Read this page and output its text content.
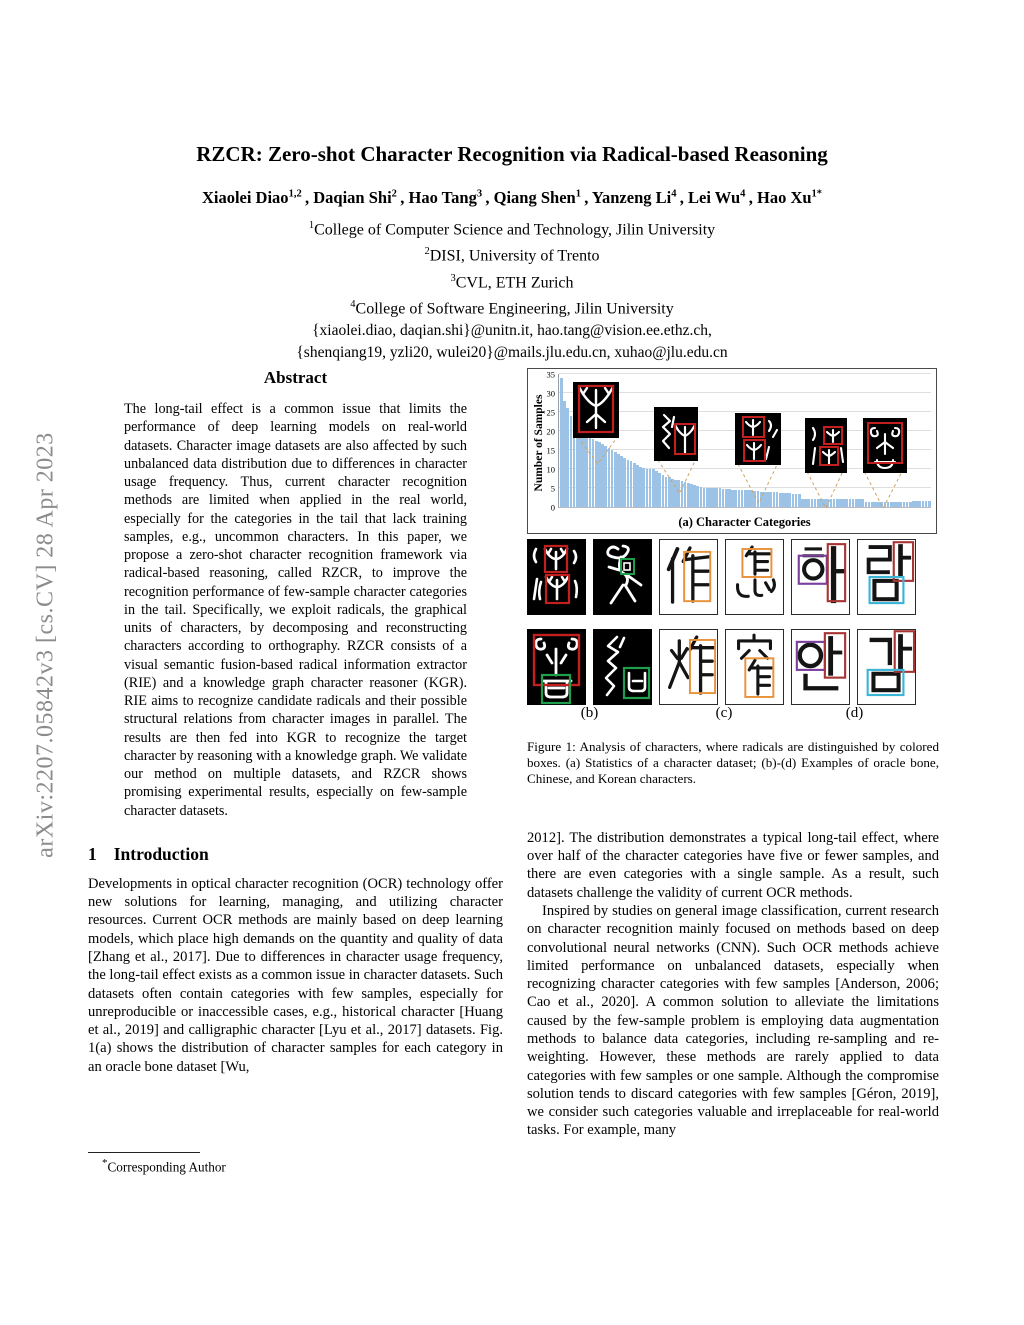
arXiv:2207.05842v3 [cs.CV] 28 Apr 2023
RZCR: Zero-shot Character Recognition via Radical-based Reasoning
Xiaolei Diao$^{1,2}$ , Daqian Shi$^2$ , Hao Tang$^3$ , Qiang Shen$^1$ , Yanzeng Li$^4$ , Lei Wu$^4$ , Hao $Xu^{1*}$
$^1$College of Computer Science and Technology, Jilin University
$^2$DISI, University of Trento
$^3$CVL, ETH Zurich
$^4$College of Software Engineering, Jilin University
{xiaolei.diao, daqian.shi}@unitn.it, hao.tang@vision.ee.ethz.ch,
{shenqiang19, yzli20, wulei20}@mails.jlu.edu.cn, xuhao@jlu.edu.cn
Abstract

The long-tail effect is a common issue that limits the performance of deep learning models on real-world datasets. Character image datasets are also affected by such unbalanced data distribution due to differences in character usage frequency. Thus, current character recognition methods are limited when applied in the real world, especially for the categories in the tail that lack training samples, e.g., uncommon characters. In this paper, we propose a zero-shot character recognition framework via radical-based reasoning, called RZCR, to improve the recognition performance of few-sample character categories in the tail. Specifically, we exploit radicals, the graphical units of characters, by decomposing and reconstructing characters according to orthography. RZCR consists of a visual semantic fusion-based radical information extractor (RIE) and a knowledge graph character reasoner (KGR). RIE aims to recognize candidate radicals and their possible structural relations from character images in parallel. The results are then fed into KGR to recognize the target character by reasoning with a knowledge graph. We validate our method on multiple datasets, and RZCR shows promising experimental results, especially on few-sample character datasets.

1 Introduction

Developments in optical character recognition (OCR) technology offer new solutions for learning, managing, and utilizing character resources. Current OCR methods are mainly based on deep learning models, which place high demands on the quantity and quality of data [Zhang et al., 2017]. Due to differences in character usage frequency, the long-tail effect exists as a common issue in character datasets. Such datasets often contain categories with few samples, especially for unreproducible or inaccessible cases, e.g., historical character [Huang et al., 2019] and calligraphic character [Lyu et al., 2017] datasets. Fig. 1(a) shows the distribution of character samples for each category in an oracle bone dataset [Wu,

*Corresponding Author

Number of Samples
0
5
10
15
20
25
30
35
(a) Character Categories
(b)	(c)	(d)
Figure 1: Analysis of characters, where radicals are distinguished by colored boxes. (a) Statistics of a character dataset; (b)-(d) Examples of oracle bone, Chinese, and Korean characters.

2012]. The distribution demonstrates a typical long-tail effect, where over half of the character categories have five or fewer samples, and there are even categories with a single sample. As a result, such datasets challenge the validity of current OCR methods.

Inspired by studies on general image classification, current research on character recognition mainly focused on methods based on deep convolutional neural networks (CNN). Such OCR methods achieve limited performance on unbalanced datasets, especially when recognizing character categories with few samples [Anderson, 2006; Cao et al., 2020]. A common solution to alleviate the limitations caused by the few-sample problem is employing data augmentation methods to balance data categories, including re-sampling and re-weighting. However, these methods are rarely applied to data categories with few samples or one sample. Although the compromise solution tends to discard categories with few samples [Géron, 2019], we consider such categories valuable and irreplaceable for real-world tasks. For example, many
